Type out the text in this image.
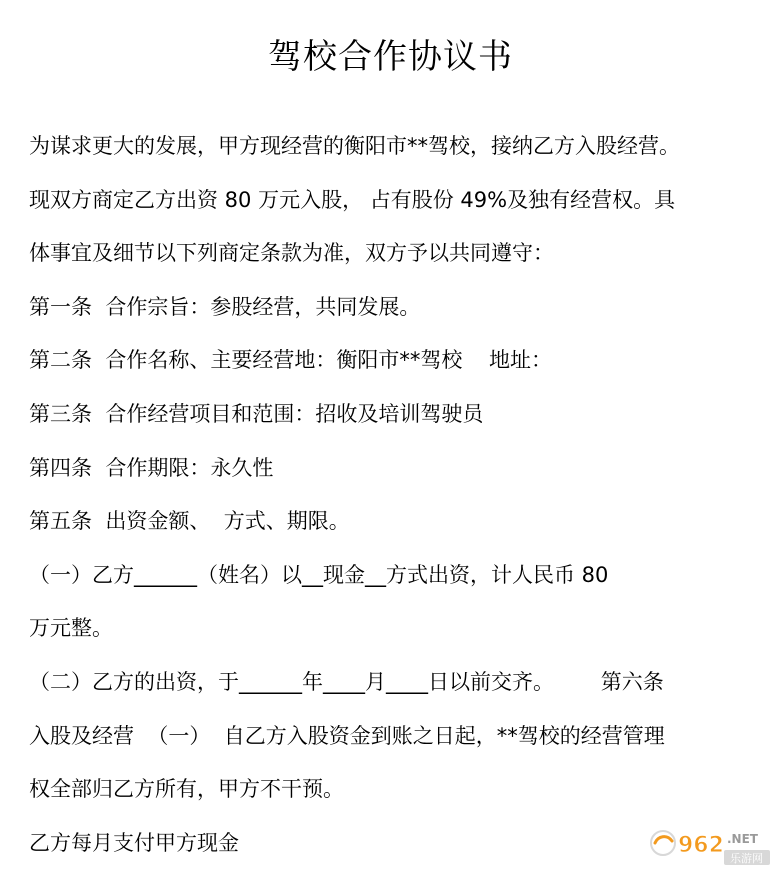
驾校合作协议书
为谋求更大的发展，甲方现经营的衡阳市**驾校，接纳乙方入股经营。
现双方商定乙方出资 80 万元入股， 占有股份 49%及独有经营权。具
体事宜及细节以下列商定条款为准，双方予以共同遵守：
第一条  合作宗旨：参股经营，共同发展。
第二条  合作名称、主要经营地：衡阳市**驾校    地址：
第三条  合作经营项目和范围：招收及培训驾驶员
第四条  合作期限：永久性
第五条  出资金额、  方式、期限。
（一）乙方______（姓名）以__现金__方式出资，计人民币 80
万元整。
（二）乙方的出资，于______年____月____日以前交齐。       第六条
入股及经营  （一）  自乙方入股资金到账之日起，**驾校的经营管理
权全部归乙方所有，甲方不干预。
乙方每月支付甲方现金	962 .NET
乐游网
